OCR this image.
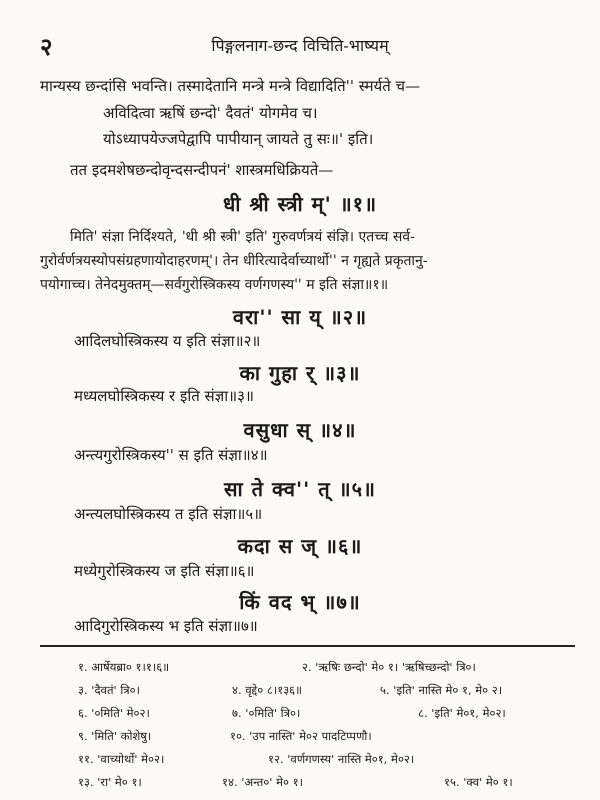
२	पिङ्गलनाग-छन्द विचिति-भाष्यम्
मान्यस्य छन्दांसि भवन्ति। तस्मादेतानि मन्त्रे मन्त्रे विद्यादिति'' स्मर्यते च—
अविदित्वा ऋषिं छन्दो' दैवतं' योगमेव च।
योऽध्यापयेज्जपेद्वापि पापीयान् जायते तु सः॥' इति।
तत इदमशेषछन्दोवृन्दसन्दीपनं' शास्त्रमधिक्रियते—
धी श्री स्त्री म्' ॥१॥
मिति' संज्ञा निर्दिश्यते, 'धी श्री स्त्री' इति' गुरुवर्णत्रयं संज्ञि। एतच्च सर्व-
गुरोर्वर्णत्रयस्योपसंग्रहणायोदाहरणम्'। तेन धीरित्यादेर्वाच्यार्थो'' न गृह्यते प्रकृतानु-
पयोगाच्च। तेनेदमुक्तम्—सर्वगुरोस्त्रिकस्य वर्णगणस्य'' म इति संज्ञा॥१॥
वरा'' सा य् ॥२॥
आदिलघोस्त्रिकस्य य इति संज्ञा॥२॥
का गुहा र् ॥३॥
मध्यलघोस्त्रिकस्य र इति संज्ञा॥३॥
वसुधा स् ॥४॥
अन्त्यगुरोस्त्रिकस्य'' स इति संज्ञा॥४॥
सा ते क्व'' त् ॥५॥
अन्त्यलघोस्त्रिकस्य त इति संज्ञा॥५॥
कदा स ज् ॥६॥
मध्येगुरोस्त्रिकस्य ज इति संज्ञा॥६॥
किं वद भ् ॥७॥
आदिगुरोस्त्रिकस्य भ इति संज्ञा॥७॥
१. आर्षेयब्रा० १।१।६॥	२. 'ऋषिः छन्दो' मे० १। 'ऋषिच्छन्दो' त्रि०।
३. 'दैवतं' त्रि०।	४. वृद्दे० ८।१३६॥	५. 'इति' नास्ति मे० १, मे० २।
६. '०मिति' मे०२।	७. '०मिति' त्रि०।	८. 'इति' मे०१, मे०२।
९. 'मिति' कोशेषु।	१०. 'उप नास्ति' मे०२ पादटिप्पणौ।
११. 'वाच्योर्थो' मे०२।	१२. 'वर्णगणस्य' नास्ति मे०१, मे०२।
१३. 'रा' मे० १।	१४. 'अन्त०' मे० १।	१५. 'क्व' मे० १।
